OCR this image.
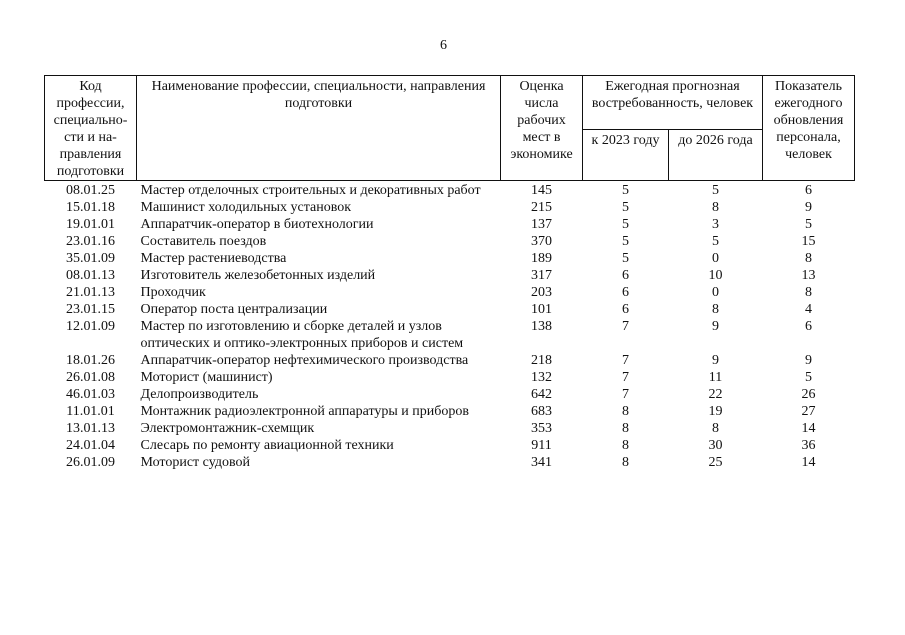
6
Код профессии, специально-сти и на-правления подготовки	Наименование профессии, специальности, направления подготовки	Оценка числа рабочих мест в экономике	Ежегодная прогнозная востребованность, человек		Показатель ежегодного обновления персонала, человек
			к 2023 году	до 2026 года	
08.01.25	Мастер отделочных строительных и декоративных работ	145	5	5	6
15.01.18	Машинист холодильных установок	215	5	8	9
19.01.01	Аппаратчик-оператор в биотехнологии	137	5	3	5
23.01.16	Составитель поездов	370	5	5	15
35.01.09	Мастер растениеводства	189	5	0	8
08.01.13	Изготовитель железобетонных изделий	317	6	10	13
21.01.13	Проходчик	203	6	0	8
23.01.15	Оператор поста централизации	101	6	8	4
12.01.09	Мастер по изготовлению и сборке деталей и узлов оптических и оптико-электронных приборов и систем	138	7	9	6
18.01.26	Аппаратчик-оператор нефтехимического производства	218	7	9	9
26.01.08	Моторист (машинист)	132	7	11	5
46.01.03	Делопроизводитель	642	7	22	26
11.01.01	Монтажник радиоэлектронной аппаратуры и приборов	683	8	19	27
13.01.13	Электромонтажник-схемщик	353	8	8	14
24.01.04	Слесарь по ремонту авиационной техники	911	8	30	36
26.01.09	Моторист судовой	341	8	25	14
